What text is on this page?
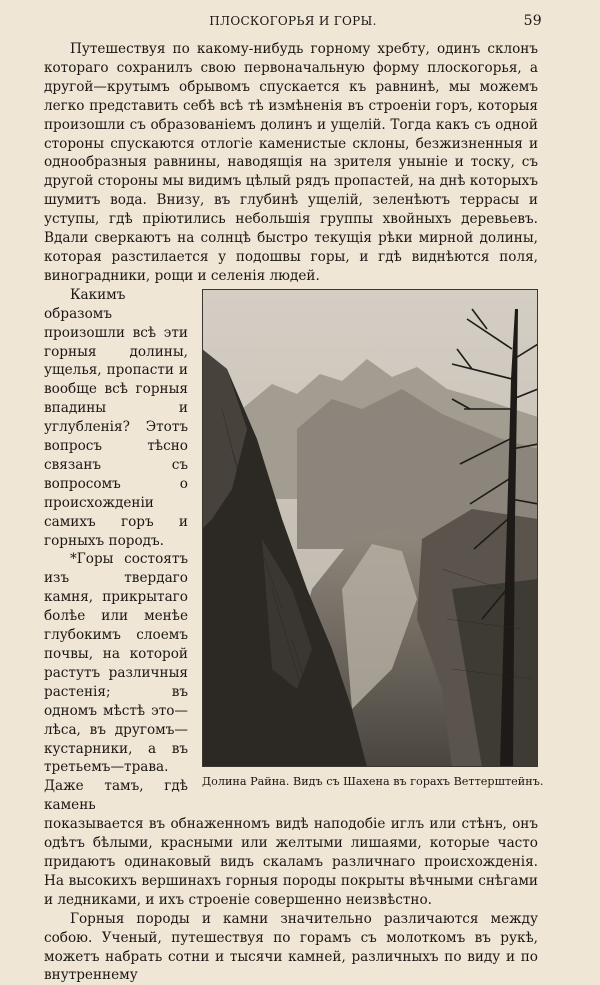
ПЛОСКОГОРЬЯ И ГОРЫ.	59

Путешествуя по какому-нибудь горному хребту, одинъ склонъ котораго сохранилъ свою первоначальную форму плоскогорья, а другой—крутымъ обрывомъ спускается къ равнинѣ, мы можемъ легко представить себѣ всѣ тѣ измѣненія въ строеніи горъ, которыя произошли съ образованіемъ долинъ и ущелій. Тогда какъ съ одной стороны спускаются отлогіе каменистые склоны, безжизненныя и однообразныя равнины, наводящія на зрителя уныніе и тоску, съ другой стороны мы видимъ цѣлый рядъ пропастей, на днѣ которыхъ шумитъ вода. Внизу, въ глубинѣ ущелій, зеленѣютъ террасы и уступы, гдѣ пріютились небольшія группы хвойныхъ деревьевъ. Вдали сверкаютъ на солнцѣ быстро текущія рѣки мирной долины, которая разстилается у подошвы горы, и гдѣ виднѣются поля, виноградники, рощи и селенія людей.

Долина Райна. Видъ съ Шахена въ горахъ Веттерштейнъ.

Какимъ образомъ произошли всѣ эти горныя долины, ущелья, пропасти и вообще всѣ горныя впадины и углубленія? Этотъ вопросъ тѣсно связанъ съ вопросомъ о происхожденіи самихъ горъ и горныхъ породъ.

*Горы состоятъ изъ твердаго камня, прикрытаго болѣе или менѣе глубокимъ слоемъ почвы, на которой растутъ различныя растенія; въ одномъ мѣстѣ это—лѣса, въ другомъ—кустарники, а въ третьемъ—трава. Даже тамъ, гдѣ камень показывается въ обнаженномъ видѣ наподобіе иглъ или стѣнъ, онъ одѣтъ бѣлыми, красными или желтыми лишаями, которые часто придаютъ одинаковый видъ скаламъ различнаго происхожденія. На высокихъ вершинахъ горныя породы покрыты вѣчными снѣгами и ледниками, и ихъ строеніе совершенно неизвѣстно.

Горныя породы и камни значительно различаются между собою. Ученый, путешествуя по горамъ съ молоткомъ въ рукѣ, можетъ набрать сотни и тысячи камней, различныхъ по виду и по внутреннему
